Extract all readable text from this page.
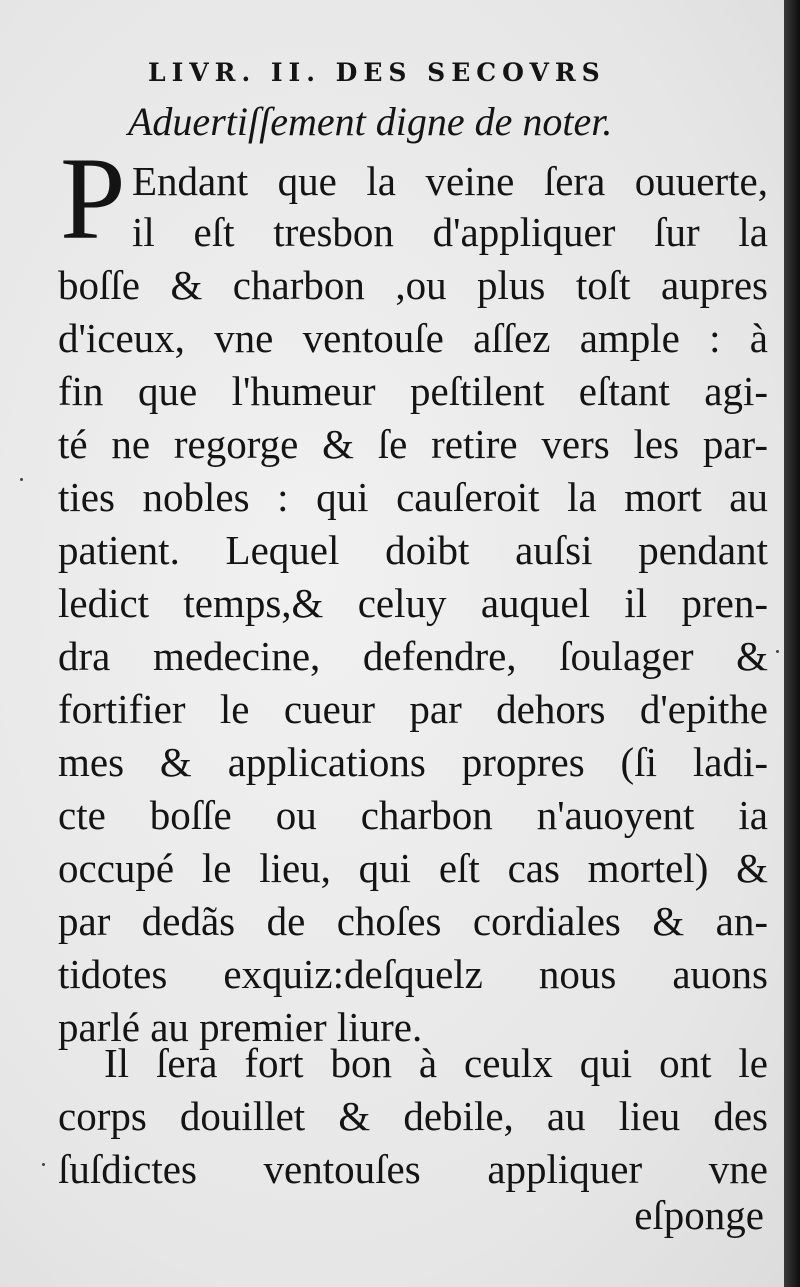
LIVR. II. DES SECOVRS
Aduertiſſement digne de noter.
P Endant que la veine ſera ouuerte,
il eſt tresbon d'appliquer ſur la
boſſe & charbon ,ou plus toſt aupres
d'iceux, vne ventouſe aſſez ample : à
fin que l'humeur peſtilent eſtant agi-
té ne regorge & ſe retire vers les par-
ties nobles : qui cauſeroit la mort au
patient. Lequel doibt auſsi pendant
ledict temps,& celuy auquel il pren-
dra medecine, defendre, ſoulager &
fortifier le cueur par dehors d'epithe
mes & applications propres (ſi ladi-
cte boſſe ou charbon n'auoyent ia
occupé le lieu, qui eſt cas mortel) &
par dedãs de choſes cordiales & an-
tidotes exquiz:deſquelz nous auons
parlé au premier liure.
Il ſera fort bon à ceulx qui ont le
corps douillet & debile, au lieu des
ſuſdictes ventouſes appliquer vne
eſponge
